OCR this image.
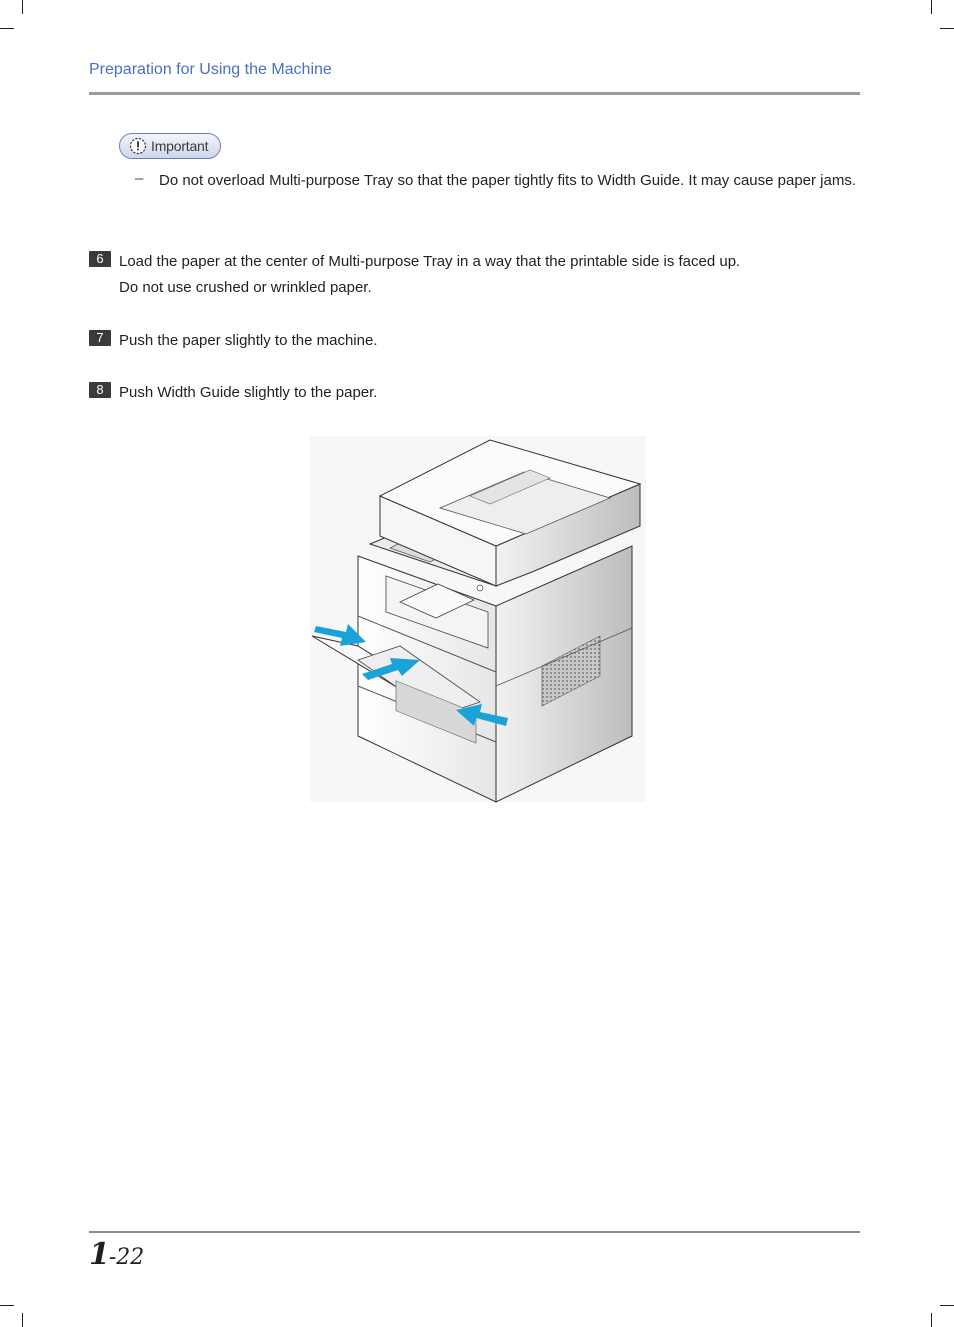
Preparation for Using the Machine
Important
– Do not overload Multi-purpose Tray so that the paper tightly fits to Width Guide. It may cause paper jams.
6	Load the paper at the center of Multi-purpose Tray in a way that the printable side is faced up.
Do not use crushed or wrinkled paper.
7	Push the paper slightly to the machine.
8	Push Width Guide slightly to the paper.
1-22
